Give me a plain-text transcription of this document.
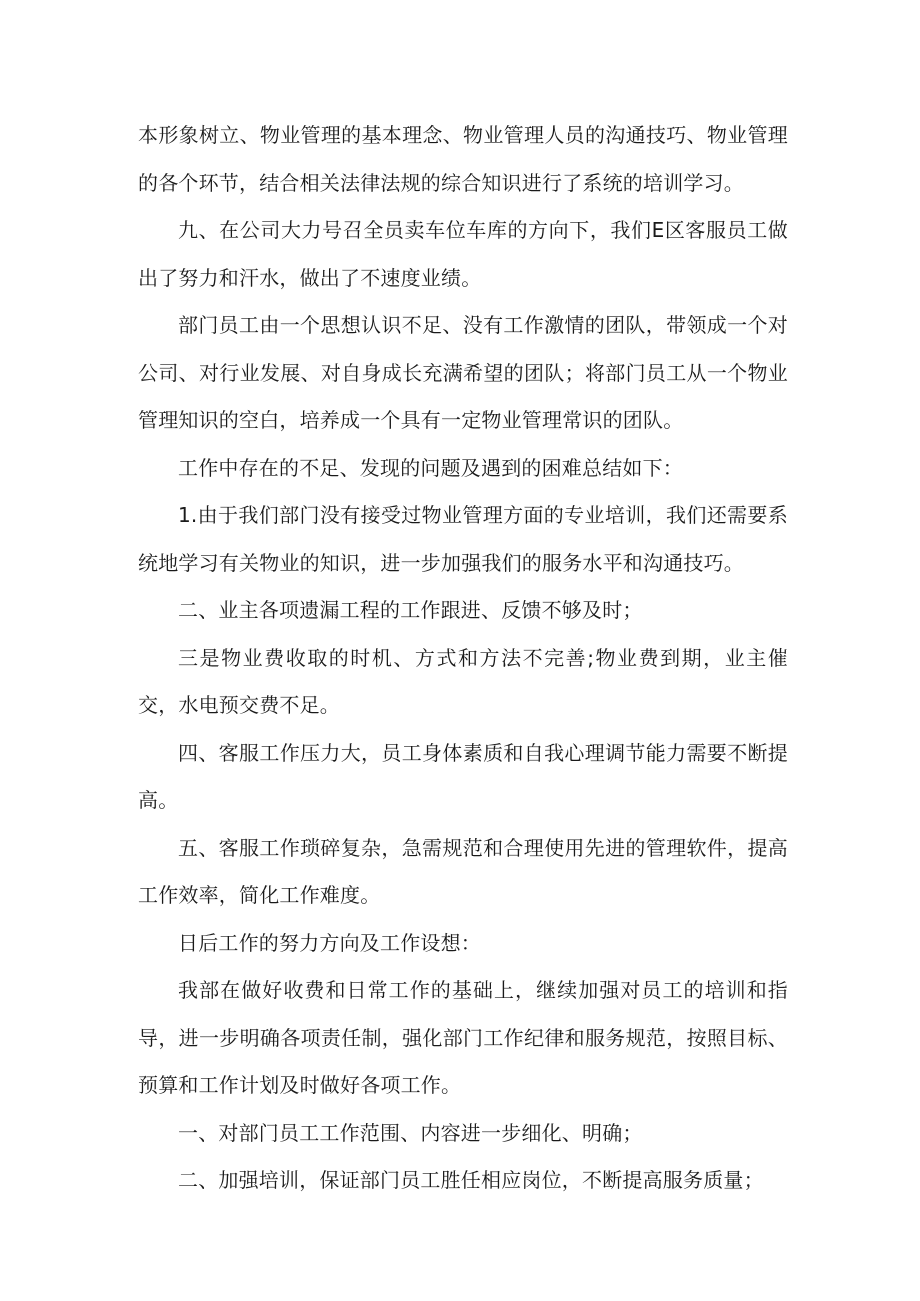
本形象树立、物业管理的基本理念、物业管理人员的沟通技巧、物业管理的各个环节，结合相关法律法规的综合知识进行了系统的培训学习。

九、在公司大力号召全员卖车位车库的方向下，我们E区客服员工做出了努力和汗水，做出了不速度业绩。

部门员工由一个思想认识不足、没有工作激情的团队，带领成一个对公司、对行业发展、对自身成长充满希望的团队；将部门员工从一个物业管理知识的空白，培养成一个具有一定物业管理常识的团队。

工作中存在的不足、发现的问题及遇到的困难总结如下：

1.由于我们部门没有接受过物业管理方面的专业培训，我们还需要系统地学习有关物业的知识，进一步加强我们的服务水平和沟通技巧。

二、业主各项遗漏工程的工作跟进、反馈不够及时；

三是物业费收取的时机、方式和方法不完善;物业费到期，业主催交，水电预交费不足。

四、客服工作压力大，员工身体素质和自我心理调节能力需要不断提高。

五、客服工作琐碎复杂，急需规范和合理使用先进的管理软件，提高工作效率，简化工作难度。

日后工作的努力方向及工作设想：

我部在做好收费和日常工作的基础上，继续加强对员工的培训和指导，进一步明确各项责任制，强化部门工作纪律和服务规范，按照目标、预算和工作计划及时做好各项工作。

一、对部门员工工作范围、内容进一步细化、明确；

二、加强培训，保证部门员工胜任相应岗位，不断提高服务质量；
